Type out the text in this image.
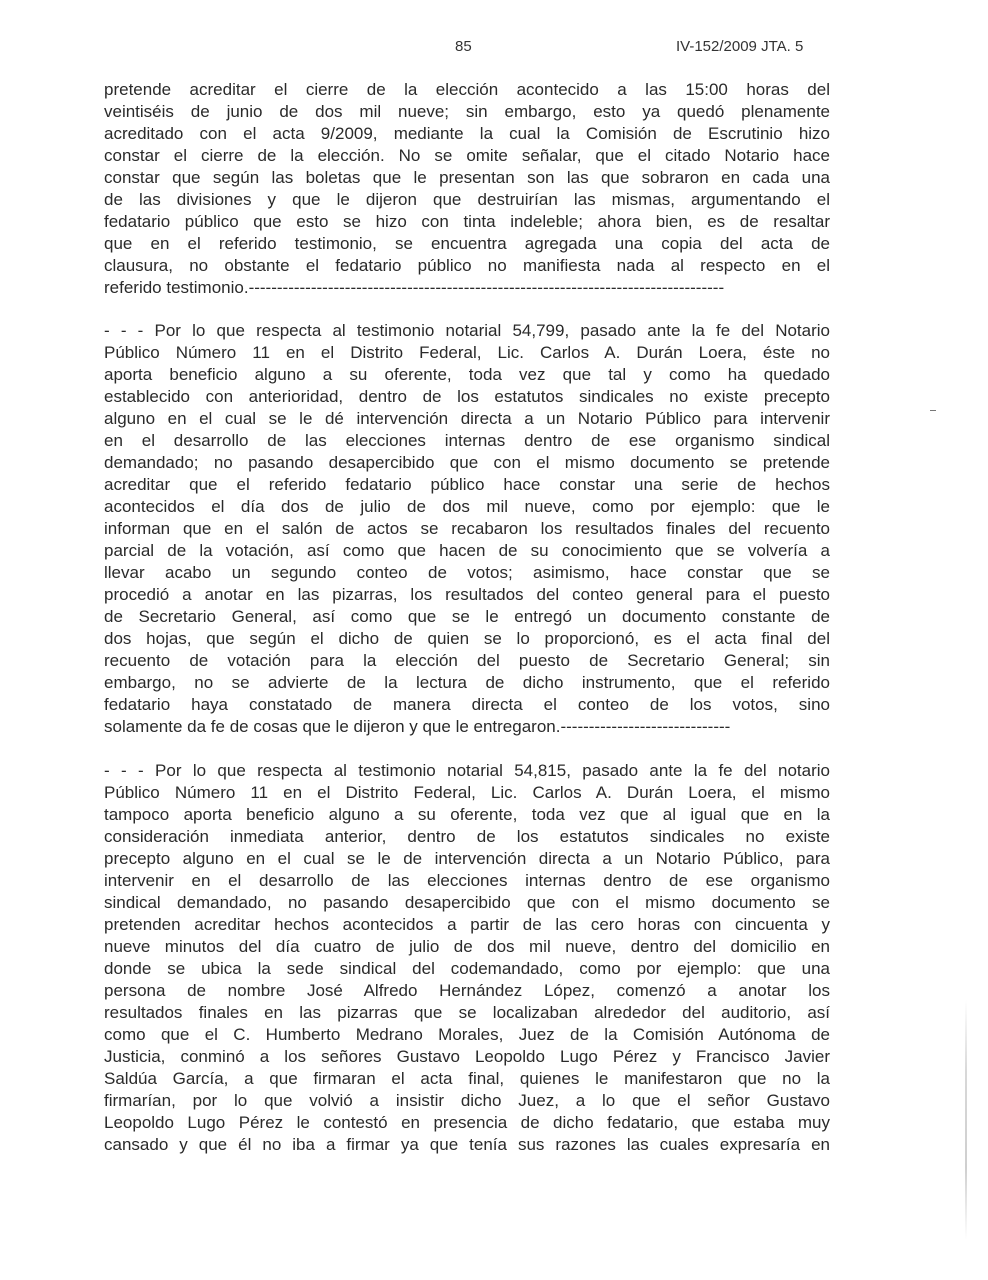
85	IV-152/2009 JTA. 5
pretende acreditar el cierre de la elección acontecido a las 15:00 horas del
veintiséis de junio de dos mil nueve; sin embargo, esto ya quedó plenamente
acreditado con el acta 9/2009, mediante la cual la Comisión de Escrutinio hizo
constar el cierre de la elección. No se omite señalar, que el citado Notario hace
constar que según las boletas que le presentan son las que sobraron en cada una
de las divisiones y que le dijeron que destruirían las mismas, argumentando el
fedatario público que esto se hizo con tinta indeleble; ahora bien, es de resaltar
que en el referido testimonio, se encuentra agregada una copia del acta de
clausura, no obstante el fedatario público no manifiesta nada al respecto en el
referido testimonio.------------------------------------------------------------------------------------
- - - Por lo que respecta al testimonio notarial 54,799, pasado ante la fe del Notario
Público Número 11 en el Distrito Federal, Lic. Carlos A. Durán Loera, éste no
aporta beneficio alguno a su oferente, toda vez que tal y como ha quedado
establecido con anterioridad, dentro de los estatutos sindicales no existe precepto
alguno en el cual se le dé intervención directa a un Notario Público para intervenir
en el desarrollo de las elecciones internas dentro de ese organismo sindical
demandado; no pasando desapercibido que con el mismo documento se pretende
acreditar que el referido fedatario público hace constar una serie de hechos
acontecidos el día dos de julio de dos mil nueve, como por ejemplo: que le
informan que en el salón de actos se recabaron los resultados finales del recuento
parcial de la votación, así como que hacen de su conocimiento que se volvería a
llevar acabo un segundo conteo de votos; asimismo, hace constar que se
procedió a anotar en las pizarras, los resultados del conteo general para el puesto
de Secretario General, así como que se le entregó un documento constante de
dos hojas, que según el dicho de quien se lo proporcionó, es el acta final del
recuento de votación para la elección del puesto de Secretario General; sin
embargo, no se advierte de la lectura de dicho instrumento, que el referido
fedatario haya constatado de manera directa el conteo de los votos, sino
solamente da fe de cosas que le dijeron y que le entregaron.------------------------------
- - - Por lo que respecta al testimonio notarial 54,815, pasado ante la fe del notario
Público Número 11 en el Distrito Federal, Lic. Carlos A. Durán Loera, el mismo
tampoco aporta beneficio alguno a su oferente, toda vez que al igual que en la
consideración inmediata anterior, dentro de los estatutos sindicales no existe
precepto alguno en el cual se le de intervención directa a un Notario Público, para
intervenir en el desarrollo de las elecciones internas dentro de ese organismo
sindical demandado, no pasando desapercibido que con el mismo documento se
pretenden acreditar hechos acontecidos a partir de las cero horas con cincuenta y
nueve minutos del día cuatro de julio de dos mil nueve, dentro del domicilio en
donde se ubica la sede sindical del codemandado, como por ejemplo: que una
persona de nombre José Alfredo Hernández López, comenzó a anotar los
resultados finales en las pizarras que se localizaban alrededor del auditorio, así
como que el C. Humberto Medrano Morales, Juez de la Comisión Autónoma de
Justicia, conminó a los señores Gustavo Leopoldo Lugo Pérez y Francisco Javier
Saldúa García, a que firmaran el acta final, quienes le manifestaron que no la
firmarían, por lo que volvió a insistir dicho Juez, a lo que el señor Gustavo
Leopoldo Lugo Pérez le contestó en presencia de dicho fedatario, que estaba muy
cansado y que él no iba a firmar ya que tenía sus razones las cuales expresaría en
